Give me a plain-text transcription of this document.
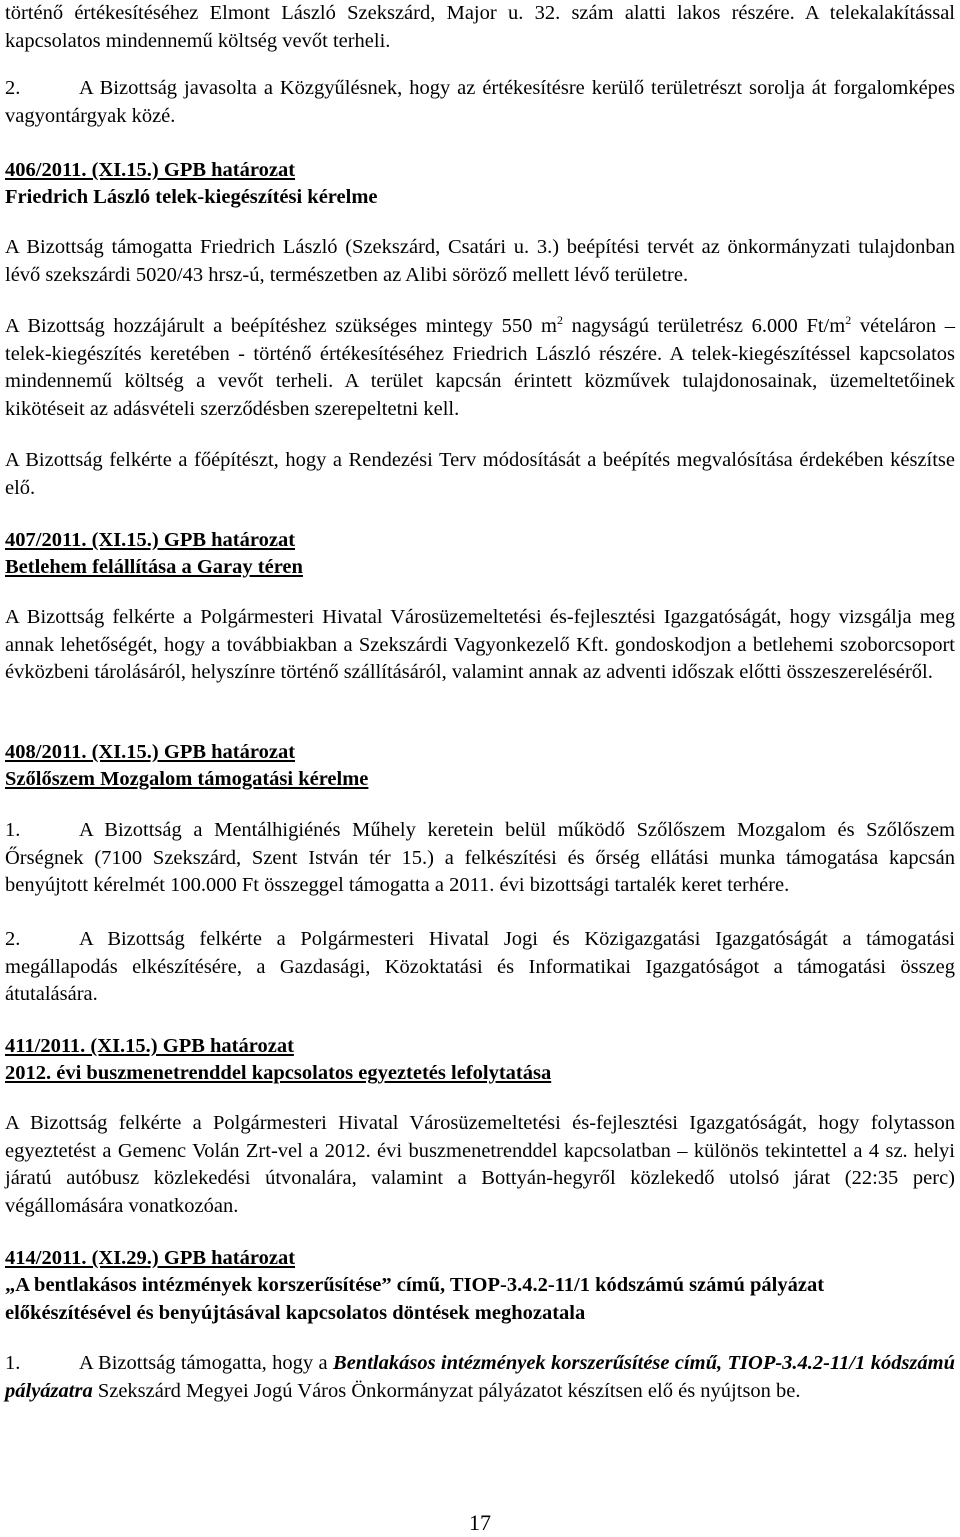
történő értékesítéséhez Elmont László Szekszárd, Major u. 32. szám alatti lakos részére. A telekalakítással kapcsolatos mindennemű költség vevőt terheli.
2.	A Bizottság javasolta a Közgyűlésnek, hogy az értékesítésre kerülő területrészt sorolja át forgalomképes vagyontárgyak közé.
406/2011. (XI.15.) GPB határozat
Friedrich László telek-kiegészítési kérelme
A Bizottság támogatta Friedrich László (Szekszárd, Csatári u. 3.) beépítési tervét az önkormányzati tulajdonban lévő szekszárdi 5020/43 hrsz-ú, természetben az Alibi söröző mellett lévő területre.
A Bizottság hozzájárult a beépítéshez szükséges mintegy 550 $m^2$ nagyságú területrész 6.000 $Ft/m^2$ vételáron – telek-kiegészítés keretében - történő értékesítéséhez Friedrich László részére. A telek-kiegészítéssel kapcsolatos mindennemű költség a vevőt terheli. A terület kapcsán érintett közművek tulajdonosainak, üzemeltetőinek kikötéseit az adásvételi szerződésben szerepeltetni kell.
A Bizottság felkérte a főépítészt, hogy a Rendezési Terv módosítását a beépítés megvalósítása érdekében készítse elő.
407/2011. (XI.15.) GPB határozat
Betlehem felállítása a Garay téren
A Bizottság felkérte a Polgármesteri Hivatal Városüzemeltetési és-fejlesztési Igazgatóságát, hogy vizsgálja meg annak lehetőségét, hogy a továbbiakban a Szekszárdi Vagyonkezelő Kft. gondoskodjon a betlehemi szoborcsoport évközbeni tárolásáról, helyszínre történő szállításáról, valamint annak az adventi időszak előtti összeszereléséről.
408/2011. (XI.15.) GPB határozat
Szőlőszem Mozgalom támogatási kérelme
1.	A Bizottság a Mentálhigiénés Műhely keretein belül működő Szőlőszem Mozgalom és Szőlőszem Őrségnek (7100 Szekszárd, Szent István tér 15.) a felkészítési és őrség ellátási munka támogatása kapcsán benyújtott kérelmét 100.000 Ft összeggel támogatta a 2011. évi bizottsági tartalék keret terhére.
2.	A Bizottság felkérte a Polgármesteri Hivatal Jogi és Közigazgatási Igazgatóságát a támogatási megállapodás elkészítésére, a Gazdasági, Közoktatási és Informatikai Igazgatóságot a támogatási összeg átutalására.
411/2011. (XI.15.) GPB határozat
2012. évi buszmenetrenddel kapcsolatos egyeztetés lefolytatása
A Bizottság felkérte a Polgármesteri Hivatal Városüzemeltetési és-fejlesztési Igazgatóságát, hogy folytasson egyeztetést a Gemenc Volán Zrt-vel a 2012. évi buszmenetrenddel kapcsolatban – különös tekintettel a 4 sz. helyi járatú autóbusz közlekedési útvonalára, valamint a Bottyán-hegyről közlekedő utolsó járat (22:35 perc) végállomására vonatkozóan.
414/2011. (XI.29.) GPB határozat
„A bentlakásos intézmények korszerűsítése” című, TIOP-3.4.2-11/1 kódszámú számú pályázat előkészítésével és benyújtásával kapcsolatos döntések meghozatala
1.	A Bizottság támogatta, hogy a Bentlakásos intézmények korszerűsítése című, TIOP-3.4.2-11/1 kódszámú pályázatra Szekszárd Megyei Jogú Város Önkormányzat pályázatot készítsen elő és nyújtson be.
17
